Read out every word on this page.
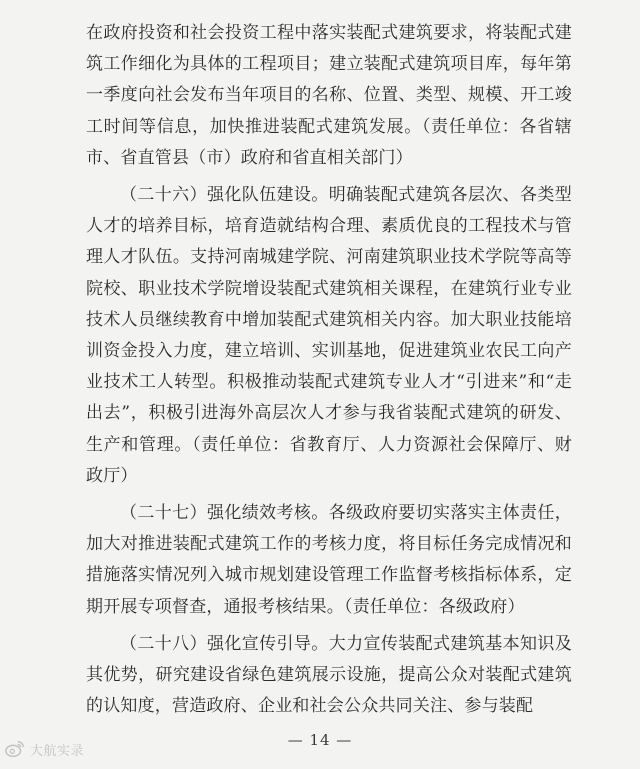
在政府投资和社会投资工程中落实装配式建筑要求，将装配式建筑工作细化为具体的工程项目；建立装配式建筑项目库，每年第一季度向社会发布当年项目的名称、位置、类型、规模、开工竣工时间等信息，加快推进装配式建筑发展。（责任单位：各省辖市、省直管县（市）政府和省直相关部门）

（二十六）强化队伍建设。明确装配式建筑各层次、各类型人才的培养目标，培育造就结构合理、素质优良的工程技术与管理人才队伍。支持河南城建学院、河南建筑职业技术学院等高等院校、职业技术学院增设装配式建筑相关课程，在建筑行业专业技术人员继续教育中增加装配式建筑相关内容。加大职业技能培训资金投入力度，建立培训、实训基地，促进建筑业农民工向产业技术工人转型。积极推动装配式建筑专业人才“引进来”和“走出去”，积极引进海外高层次人才参与我省装配式建筑的研发、生产和管理。（责任单位：省教育厅、人力资源社会保障厅、财政厅）

（二十七）强化绩效考核。各级政府要切实落实主体责任，加大对推进装配式建筑工作的考核力度，将目标任务完成情况和措施落实情况列入城市规划建设管理工作监督考核指标体系，定期开展专项督查，通报考核结果。（责任单位：各级政府）

（二十八）强化宣传引导。大力宣传装配式建筑基本知识及其优势，研究建设省绿色建筑展示设施，提高公众对装配式建筑的认知度，营造政府、企业和社会公众共同关注、参与装配

— 14 —
大航实录
